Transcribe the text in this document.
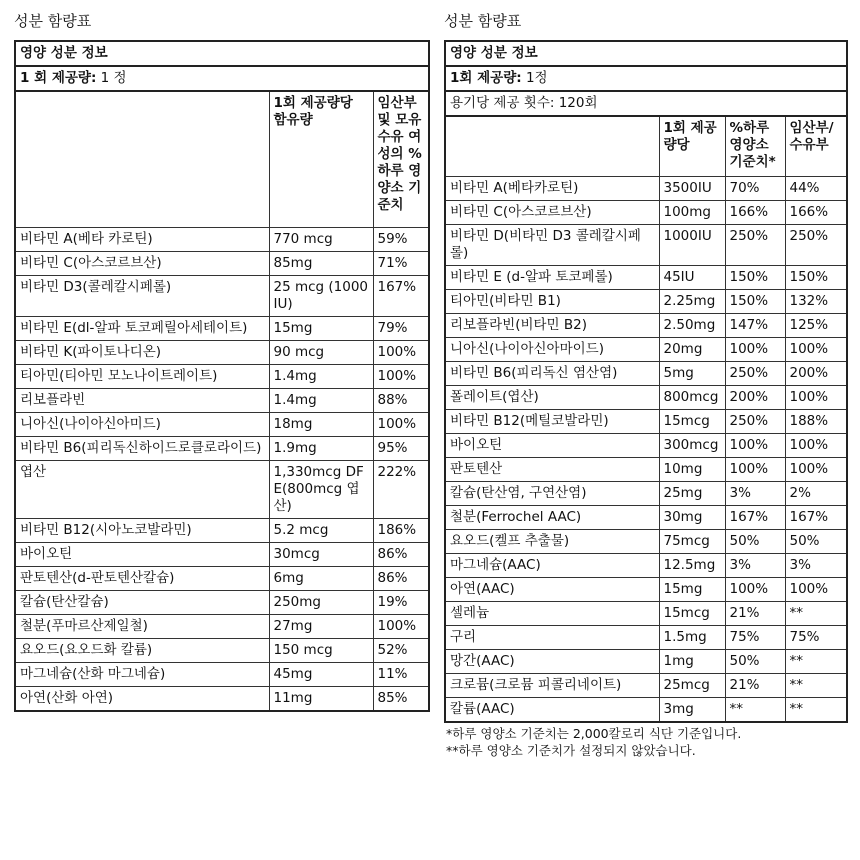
성분 함량표
영양 성분 정보		
1 회 제공량: 1 정		
	1회 제공량당 함유량	임산부 및 모유 수유 여성의 % 하루 영양소 기준치
비타민 A(베타 카로틴)	770 mcg	59%
비타민 C(아스코르브산)	85mg	71%
비타민 D3(콜레칼시페롤)	25 mcg (1000 IU)	167%
비타민 E(dl-알파 토코페릴아세테이트)	15mg	79%
비타민 K(파이토나디온)	90 mcg	100%
티아민(티아민 모노나이트레이트)	1.4mg	100%
리보플라빈	1.4mg	88%
니아신(나이아신아미드)	18mg	100%
비타민 B6(피리독신하이드로클로라이드)	1.9mg	95%
엽산	1,330mcg DFE(800mcg 엽산)	222%
비타민 B12(시아노코발라민)	5.2 mcg	186%
바이오틴	30mcg	86%
판토텐산(d-판토텐산칼슘)	6mg	86%
칼슘(탄산칼슘)	250mg	19%
철분(푸마르산제일철)	27mg	100%
요오드(요오드화 칼륨)	150 mcg	52%
마그네슘(산화 마그네슘)	45mg	11%
아연(산화 아연)	11mg	85%
성분 함량표
영양 성분 정보			
1회 제공량: 1정			
용기당 제공 횟수: 120회			
	1회 제공량당	%하루 영양소 기준치*	임산부/수유부
비타민 A(베타카로틴)	3500IU	70%	44%
비타민 C(아스코르브산)	100mg	166%	166%
비타민 D(비타민 D3 콜레칼시페롤)	1000IU	250%	250%
비타민 E (d-알파 토코페롤)	45IU	150%	150%
티아민(비타민 B1)	2.25mg	150%	132%
리보플라빈(비타민 B2)	2.50mg	147%	125%
니아신(나이아신아마이드)	20mg	100%	100%
비타민 B6(피리독신 염산염)	5mg	250%	200%
폴레이트(엽산)	800mcg	200%	100%
비타민 B12(메틸코발라민)	15mcg	250%	188%
바이오틴	300mcg	100%	100%
판토텐산	10mg	100%	100%
칼슘(탄산염, 구연산염)	25mg	3%	2%
철분(Ferrochel AAC)	30mg	167%	167%
요오드(켈프 추출물)	75mcg	50%	50%
마그네슘(AAC)	12.5mg	3%	3%
아연(AAC)	15mg	100%	100%
셀레늄	15mcg	21%	**
구리	1.5mg	75%	75%
망간(AAC)	1mg	50%	**
크로뮴(크로뮴 피콜리네이트)	25mcg	21%	**
칼륨(AAC)	3mg	**	**
*하루 영양소 기준치는 2,000칼로리 식단 기준입니다.
**하루 영양소 기준치가 설정되지 않았습니다.
